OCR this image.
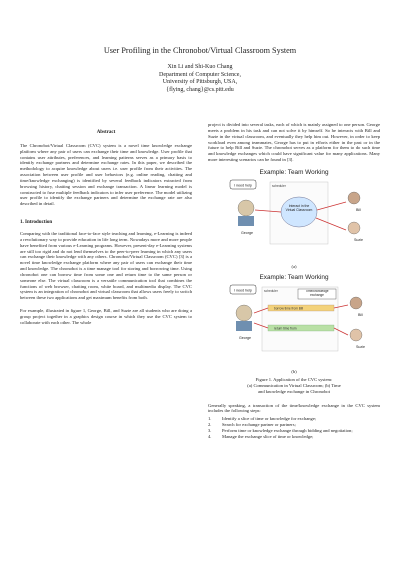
User Profiling in the Chronobot/Virtual Classroom System
Xin Li and Shi-Kuo Chang
Department of Computer Science,
University of Pittsburgh, USA,
{flying, chang}@cs.pitt.edu
Abstract
The Chronobot/Virtual Classroom (CVC) system is a novel time knowledge exchange platform where any pair of users can exchange their time and knowledge. User profile that contains user attributes, preferences, and learning patterns serves as a primary basis to identify exchange partners and determine exchange rates. In this paper, we described the methodology to acquire knowledge about users i.e. user profile from their activities. The association between user profile and user behaviors (e.g. online reading, chatting and time/knowledge exchanging) is identified by several feedback indicators extracted from browsing history, chatting session and exchange transaction. A linear learning model is constructed to fuse multiple feedback indicators to infer user preference. The model utilizing user profile to identify the exchange partners and determine the exchange rate are also described in detail.
1. Introduction
Comparing with the traditional face-to-face style teaching and learning, e-Learning is indeed a revolutionary way to provide education in life long term. Nowadays more and more people have benefited from various e-Learning programs. However, present-day e-Learning systems are still too rigid and do not lend themselves to the peer-to-peer learning in which any users can exchange their knowledge with any others. Chronobot/Virtual Classroom (CVC) [3] is a novel time knowledge exchange platform where any pair of users can exchange their time and knowledge. The chronobot is a time manage tool for storing and borrowing time. Using chronobot one can borrow time from some one and return time to the same person or someone else. The virtual classroom is a versatile communication tool that combines the functions of web browser, chatting room, white board, and multimedia display. The CVC system is an integration of chronobot and virtual classroom that allows users freely to switch between these two applications and get maximum benefits from both.
For example, illustrated in figure 1, George, Bill, and Suzie are all students who are doing a group project together in a graphics design course in which they use the CVC system to collaborate with each other. The whole
project is divided into several tasks, each of which is mainly assigned to one person. George meets a problem in his task and can not solve it by himself. So he interacts with Bill and Suzie in the virtual classroom, and eventually they help him out. However, in order to keep workload even among teammates, George has to put in efforts either in the past or in the future to help Bill and Suzie. The chronobot serves as a platform for them to do such time and knowledge exchanges which could have significant value for many applications. Many more interesting scenarios can be found in [3].
Example: Team Working
I need help	scheduler
George
Interact in the Virtual Classroom	Bill
Suzie
(a)
Example: Team Working
I need help	scheduler	Time/knowledge exchange
George
borrow time from Bill
return time from
Bill
Suzie
(b)
Figure 1. Application of the CVC system:
(a) Communication in Virtual Classroom; (b) Time
and knowledge exchange in Chronobot
Generally speaking, a transaction of the time/knowledge exchange in the CVC system includes the following steps:
1. Identify a slice of time or knowledge for exchange;
2. Search for exchange partner or partners;
3. Perform time or knowledge exchange through bidding and negotiation;
4. Manage the exchange slice of time or knowledge;
